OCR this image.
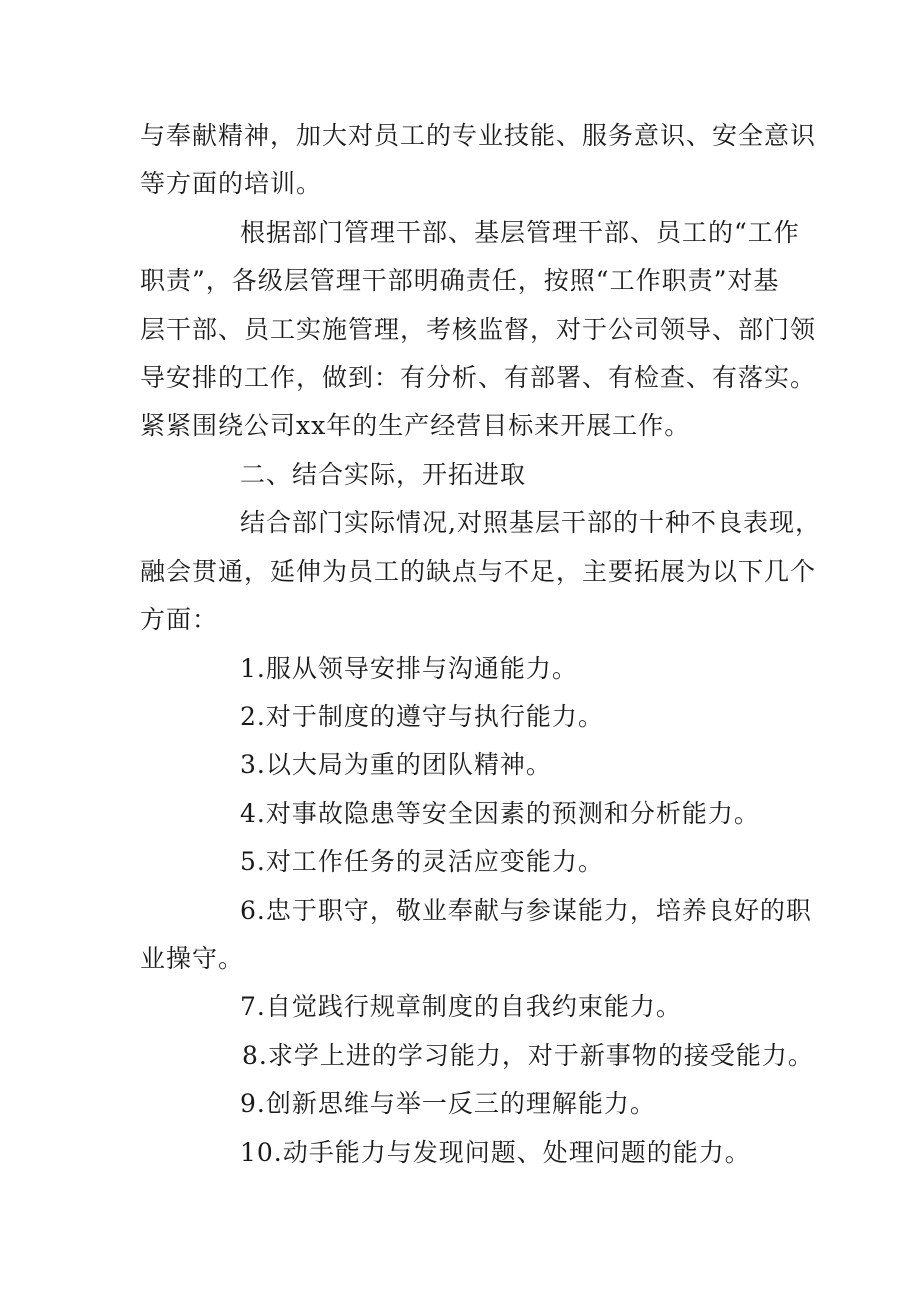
与奉献精神，加大对员工的专业技能、服务意识、安全意识
等方面的培训。
根据部门管理干部、基层管理干部、员工的“工作
职责”，各级层管理干部明确责任，按照“工作职责”对基
层干部、员工实施管理，考核监督，对于公司领导、部门领
导安排的工作，做到：有分析、有部署、有检查、有落实。
紧紧围绕公司xx年的生产经营目标来开展工作。
二、结合实际，开拓进取
结合部门实际情况,对照基层干部的十种不良表现，
融会贯通，延伸为员工的缺点与不足，主要拓展为以下几个
方面：
1.服从领导安排与沟通能力。
2.对于制度的遵守与执行能力。
3.以大局为重的团队精神。
4.对事故隐患等安全因素的预测和分析能力。
5.对工作任务的灵活应变能力。
6.忠于职守，敬业奉献与参谋能力，培养良好的职
业操守。
7.自觉践行规章制度的自我约束能力。
8.求学上进的学习能力，对于新事物的接受能力。
9.创新思维与举一反三的理解能力。
10.动手能力与发现问题、处理问题的能力。
